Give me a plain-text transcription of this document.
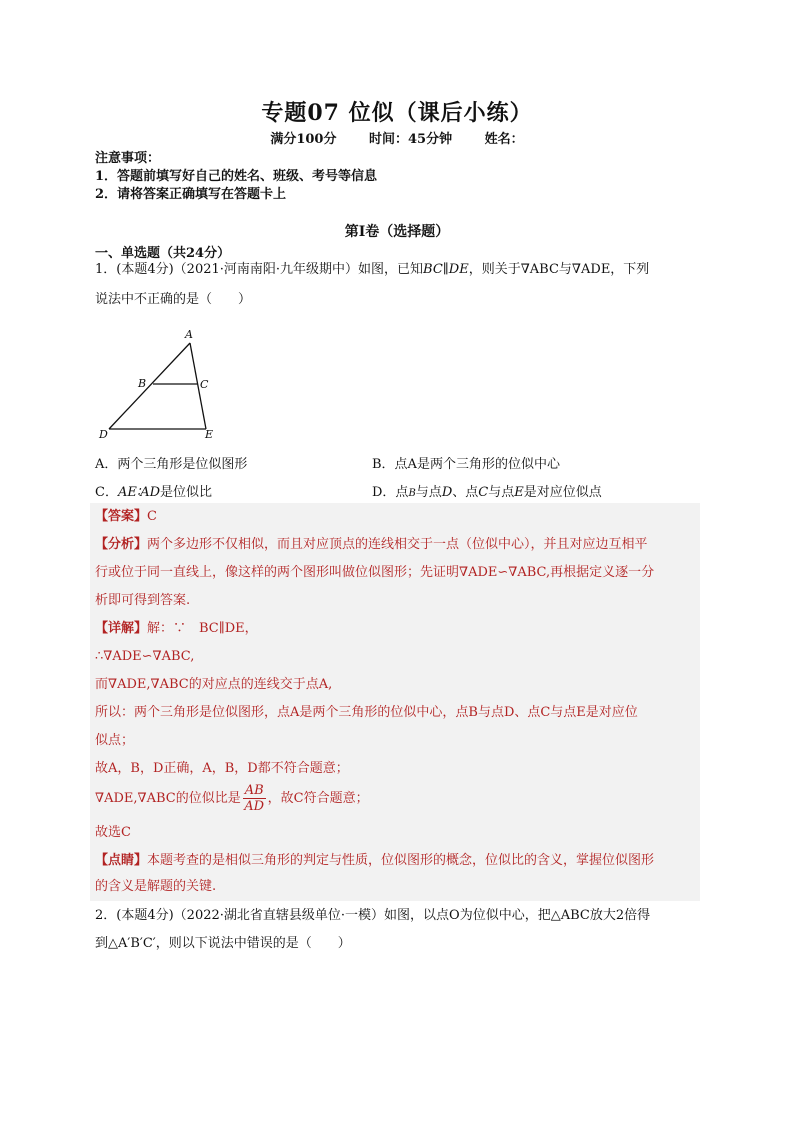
专题07 位似（课后小练）
满分100分	时间：45分钟	姓名：
注意事项：
1．答题前填写好自己的姓名、班级、考号等信息
2．请将答案正确填写在答题卡上
第I卷（选择题）
一、单选题（共24分）
1．(本题4分)（2021·河南南阳·九年级期中）如图，已知BC∥DE，则关于∇ABC与∇ADE，下列
说法中不正确的是（　　）
A
B	C
D	E
A．两个三角形是位似图形	B．点A是两个三角形的位似中心
C．AE∶AD是位似比	D．点B与点D、点C与点E是对应位似点
【答案】C
【分析】两个多边形不仅相似，而且对应顶点的连线相交于一点（位似中心），并且对应边互相平
行或位于同一直线上，像这样的两个图形叫做位似图形；先证明∇ADE∽∇ABC,再根据定义逐一分
析即可得到答案.
【详解】解：∵　BC∥DE，
∴∇ADE∽∇ABC,
而∇ADE,∇ABC的对应点的连线交于点A,
所以：两个三角形是位似图形，点A是两个三角形的位似中心，点B与点D、点C与点E是对应位
似点；
故A，B，D正确，A，B，D都不符合题意；
∇ADE,∇ABC的位似比是 $\frac{AB}{AD}$ ，故C符合题意；
故选C
【点睛】本题考查的是相似三角形的判定与性质，位似图形的概念，位似比的含义，掌握位似图形
的含义是解题的关键.
2．(本题4分)（2022·湖北省直辖县级单位·一模）如图，以点O为位似中心，把△ABC放大2倍得
到△A′B′C′，则以下说法中错误的是（　　）
